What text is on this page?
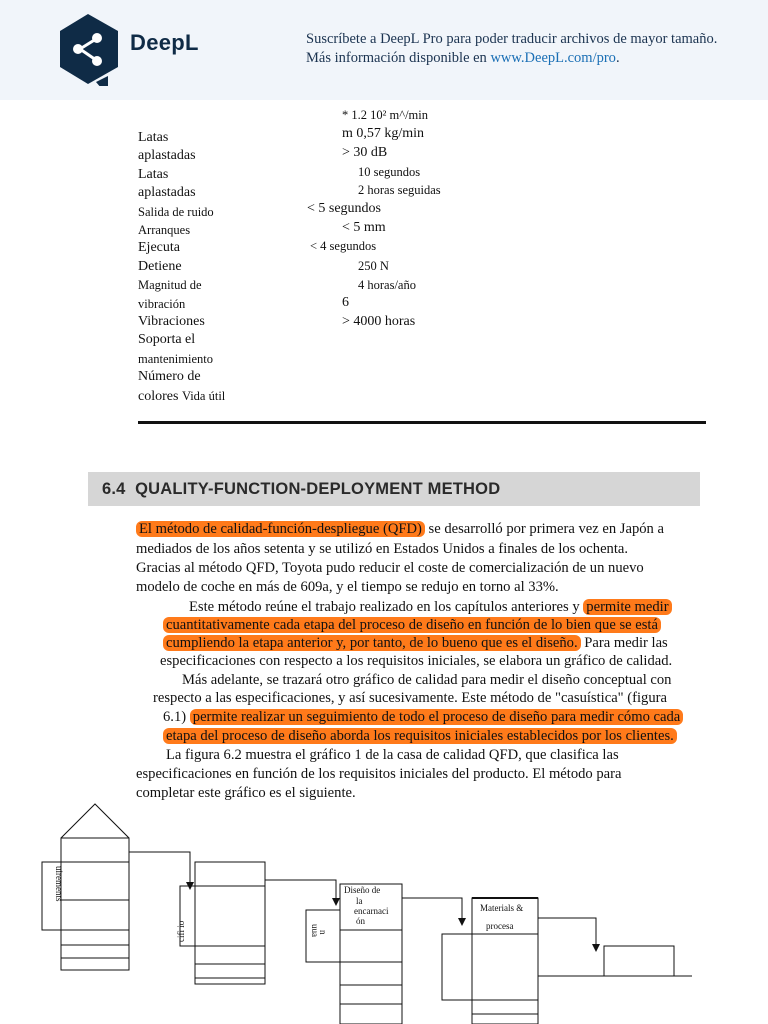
DeepL	Suscríbete a DeepL Pro para poder traducir archivos de mayor tamaño.
Más información disponible en www.DeepL.com/pro.
Latas
aplastadas
Latas
aplastadas
Salida de ruido
Arranques
Ejecuta
Detiene
Magnitud de
vibración
Vibraciones
Soporta el
mantenimiento
Número de
colores Vida útil
* 1.2 10² m^/min
m 0,57 kg/min
> 30 dB
10 segundos
2 horas seguidas
< 5 segundos
< 5 mm
< 4 segundos
250 N
4 horas/año
6
> 4000 horas
6.4 QUALITY-FUNCTION-DEPLOYMENT METHOD
El método de calidad-función-despliegue (QFD) se desarrolló por primera vez en Japón a
mediados de los años setenta y se utilizó en Estados Unidos a finales de los ochenta.
Gracias al método QFD, Toyota pudo reducir el coste de comercialización de un nuevo
modelo de coche en más de 609a, y el tiempo se redujo en torno al 33%.
Este método reúne el trabajo realizado en los capítulos anteriores y permite medir
cuantitativamente cada etapa del proceso de diseño en función de lo bien que se está
cumpliendo la etapa anterior y, por tanto, de lo bueno que es el diseño. Para medir las
especificaciones con respecto a los requisitos iniciales, se elabora un gráfico de calidad.
Más adelante, se trazará otro gráfico de calidad para medir el diseño conceptual con
respecto a las especificaciones, y así sucesivamente. Este método de "casuística" (figura
6.1) permite realizar un seguimiento de todo el proceso de diseño para medir cómo cada
etapa del proceso de diseño aborda los requisitos iniciales establecidos por los clientes.
La figura 6.2 muestra el gráfico 1 de la casa de calidad QFD, que clasifica las
especificaciones en función de los requisitos iniciales del producto. El método para
completar este gráfico es el siguiente.
uirements
cifi io
Diseño de
la
encarnaci
ón
uua
n
Materials &
procesa
